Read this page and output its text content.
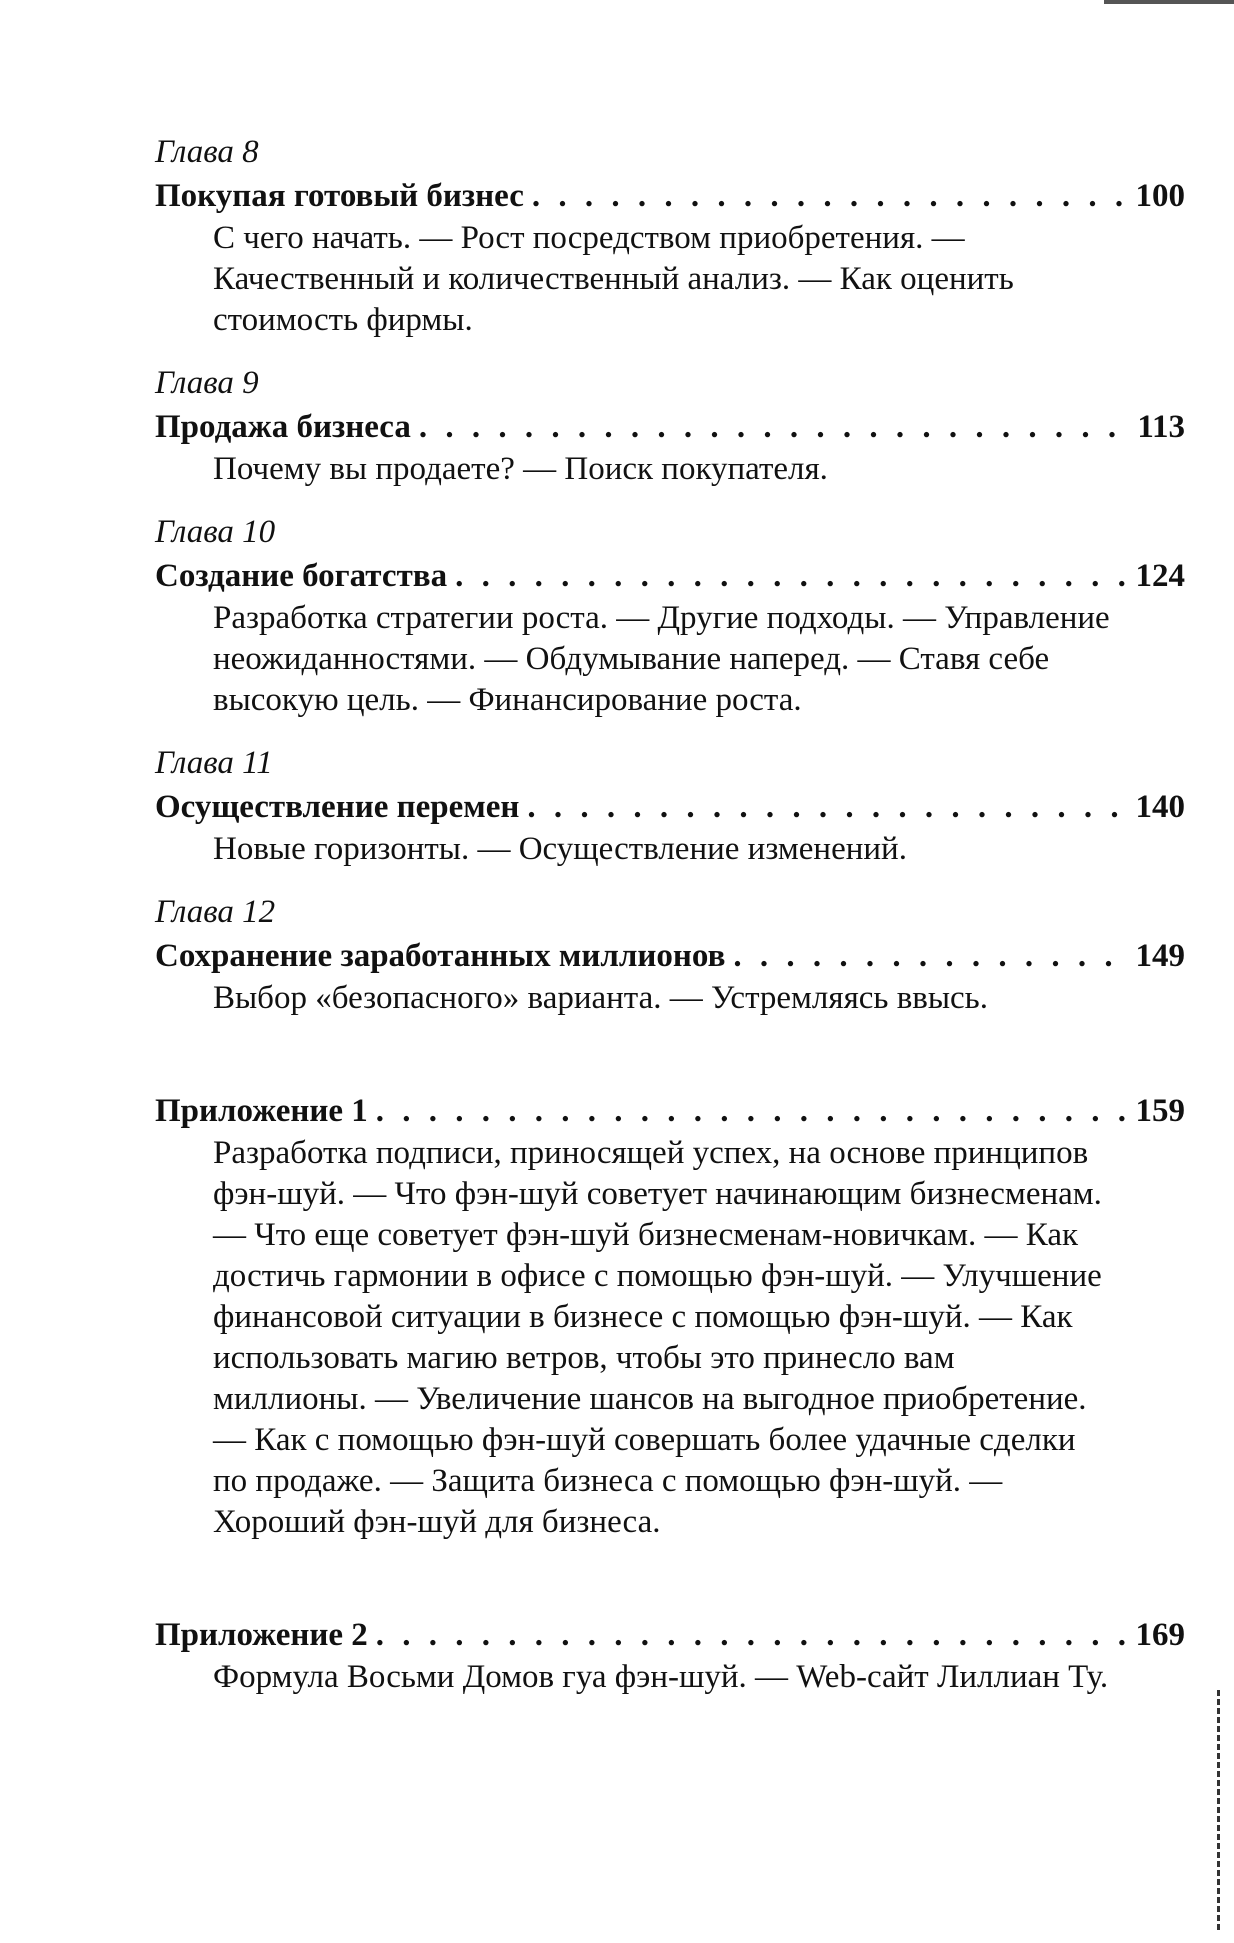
Глава 8
Покупая готовый бизнес . . .	100
С чего начать. — Рост посредством приобретения. — Качественный и количественный анализ. — Как оценить стоимость фирмы.
Глава 9
Продажа бизнеса . . .	113
Почему вы продаете? — Поиск покупателя.
Глава 10
Создание богатства . . .	124
Разработка стратегии роста. — Другие подходы. — Управление неожиданностями. — Обдумывание наперед. — Ставя себе высокую цель. — Финансирование роста.
Глава 11
Осуществление перемен . . .	140
Новые горизонты. — Осуществление изменений.
Глава 12
Сохранение заработанных миллионов . . .	149
Выбор «безопасного» варианта. — Устремляясь ввысь.
Приложение 1 . . .	159
Разработка подписи, приносящей успех, на основе принципов фэн-шуй. — Что фэн-шуй советует начинающим бизнесменам.— Что еще советует фэн-шуй бизнесменам-новичкам. — Как достичь гармонии в офисе с помощью фэн-шуй. — Улучшение финансовой ситуации в бизнесе с помощью фэн-шуй. — Как использовать магию ветров, чтобы это принесло вам миллионы. — Увеличение шансов на выгодное приобретение. — Как с помощью фэн-шуй совершать более удачные сделки по продаже. — Защита бизнеса с помощью фэн-шуй. — Хороший фэн-шуй для бизнеса.
Приложение 2 . . .	169
Формула Восьми Домов гуа фэн-шуй. — Web-сайт Лиллиан Ту.
